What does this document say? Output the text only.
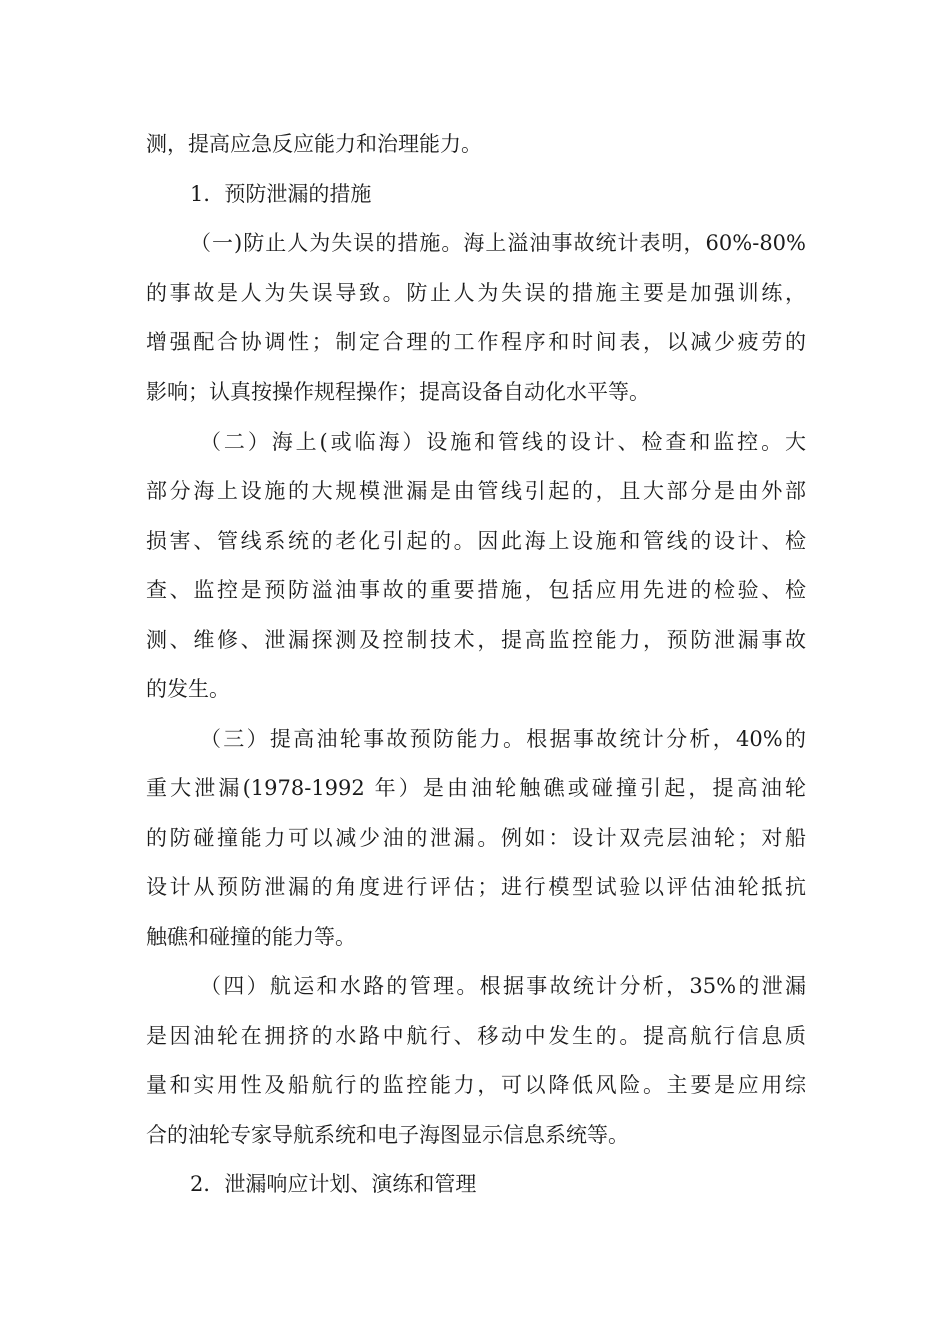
测，提高应急反应能力和治理能力。
1．预防泄漏的措施
（一)防止人为失误的措施。海上溢油事故统计表明，60%-80%
的事故是人为失误导致。防止人为失误的措施主要是加强训练，
增强配合协调性；制定合理的工作程序和时间表，以减少疲劳的
影响；认真按操作规程操作；提高设备自动化水平等。
（二）海上(或临海）设施和管线的设计、检查和监控。大
部分海上设施的大规模泄漏是由管线引起的，且大部分是由外部
损害、管线系统的老化引起的。因此海上设施和管线的设计、检
查、监控是预防溢油事故的重要措施，包括应用先进的检验、检
测、维修、泄漏探测及控制技术，提高监控能力，预防泄漏事故
的发生。
（三）提高油轮事故预防能力。根据事故统计分析，40%的
重大泄漏(1978-1992 年）是由油轮触礁或碰撞引起，提高油轮
的防碰撞能力可以减少油的泄漏。例如：设计双壳层油轮；对船
设计从预防泄漏的角度进行评估；进行模型试验以评估油轮抵抗
触礁和碰撞的能力等。
（四）航运和水路的管理。根据事故统计分析，35%的泄漏
是因油轮在拥挤的水路中航行、移动中发生的。提高航行信息质
量和实用性及船航行的监控能力，可以降低风险。主要是应用综
合的油轮专家导航系统和电子海图显示信息系统等。
2．泄漏响应计划、演练和管理
